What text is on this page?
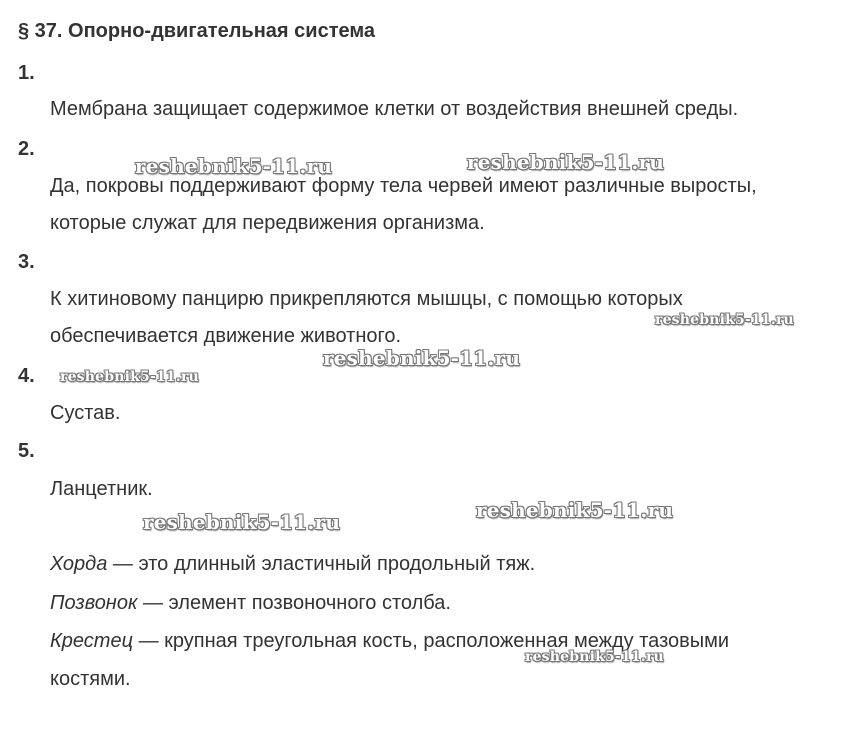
§ 37. Опорно-двигательная система
1.
Мембрана защищает содержимое клетки от воздействия внешней среды.
2.
Да, покровы поддерживают форму тела червей имеют различные выросты,
которые служат для передвижения организма.
3.
К хитиновому панцирю прикрепляются мышцы, с помощью которых
обеспечивается движение животного.
4.
Сустав.
5.
Ланцетник.
Хорда — это длинный эластичный продольный тяж.
Позвонок — элемент позвоночного столба.
Крестец — крупная треугольная кость, расположенная между тазовыми
костями.
reshebnik5-11.ru	reshebnik5-11.ru
reshebnik5-11.ru
reshebnik5-11.ru
reshebnik5-11.ru
reshebnik5-11.ru	reshebnik5-11.ru
reshebnik5-11.ru
